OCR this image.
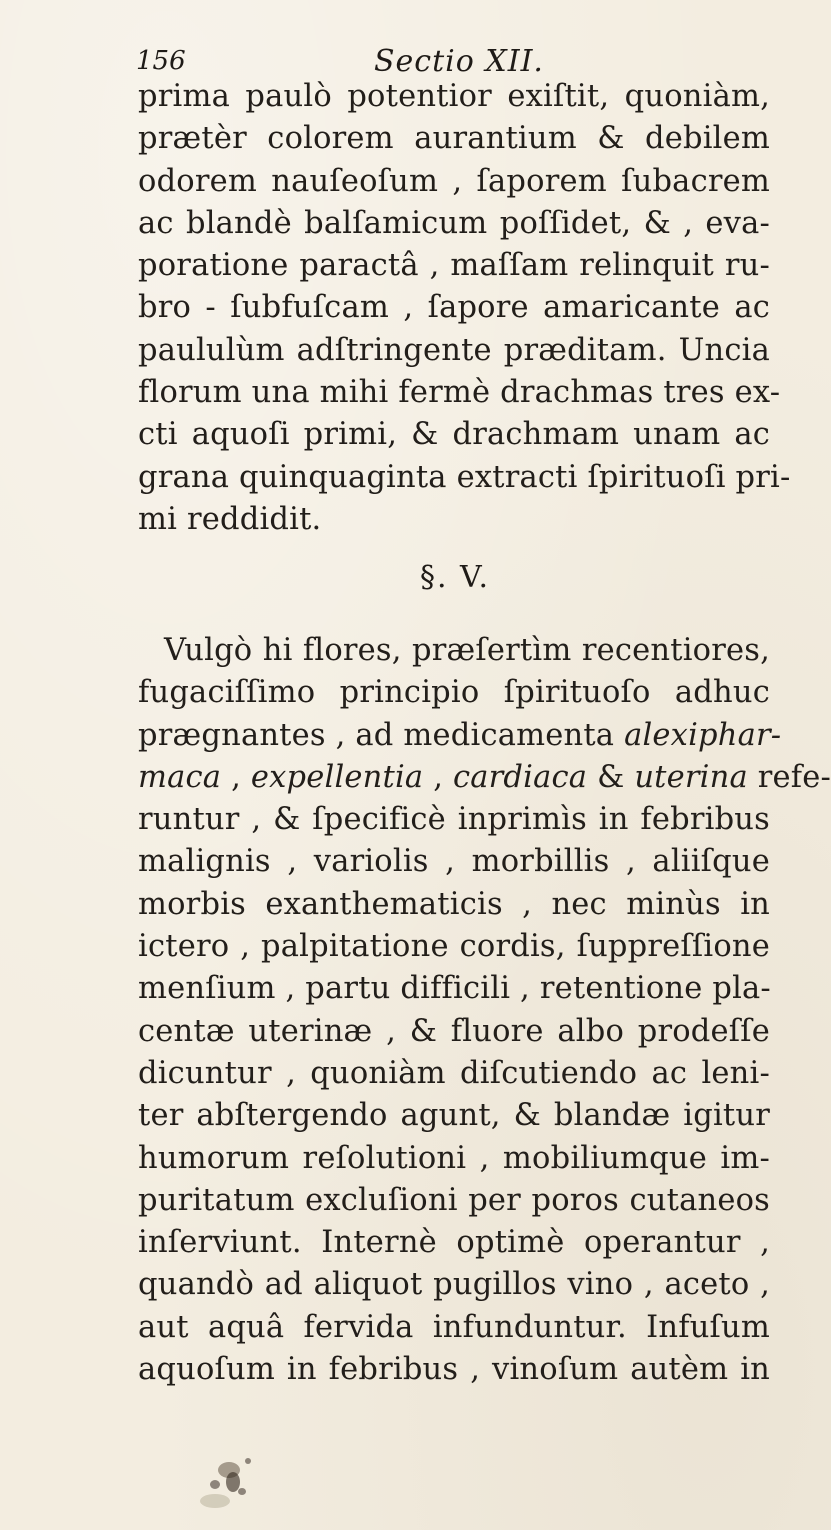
156	Sectio XII.
prima paulò potentior exiſtit, quoniàm,
prætèr colorem aurantium & debilem
odorem nauſeoſum , ſaporem ſubacrem
ac blandè balſamicum poſſidet, & , eva-
poratione paractâ , maſſam relinquit ru-
bro - ſubfuſcam , ſapore amaricante ac
paululùm adſtringente præditam. Uncia
florum una mihi fermè drachmas tres ex-
cti aquoſi primi, & drachmam unam ac
grana quinquaginta extracti ſpirituoſi pri-
mi reddidit.
§. V.
Vulgò hi flores, præſertìm recentiores,
fugaciſſimo principio ſpirituoſo adhuc
prægnantes , ad medicamenta alexiphar-
maca , expellentia , cardiaca & uterina refe-
runtur , & ſpecificè inprimìs in febribus
malignis , variolis , morbillis , aliiſque
morbis exanthematicis , nec minùs in
ictero , palpitatione cordis, ſuppreſſione
menſium , partu difficili , retentione pla-
centæ uterinæ , & fluore albo prodeſſe
dicuntur , quoniàm diſcutiendo ac leni-
ter abſtergendo agunt, & blandæ igitur
humorum reſolutioni , mobiliumque im-
puritatum excluſioni per poros cutaneos
inſerviunt. Internè optimè operantur ,
quandò ad aliquot pugillos vino , aceto ,
aut aquâ fervida infunduntur. Infuſum
aquoſum in febribus , vinoſum autèm in
